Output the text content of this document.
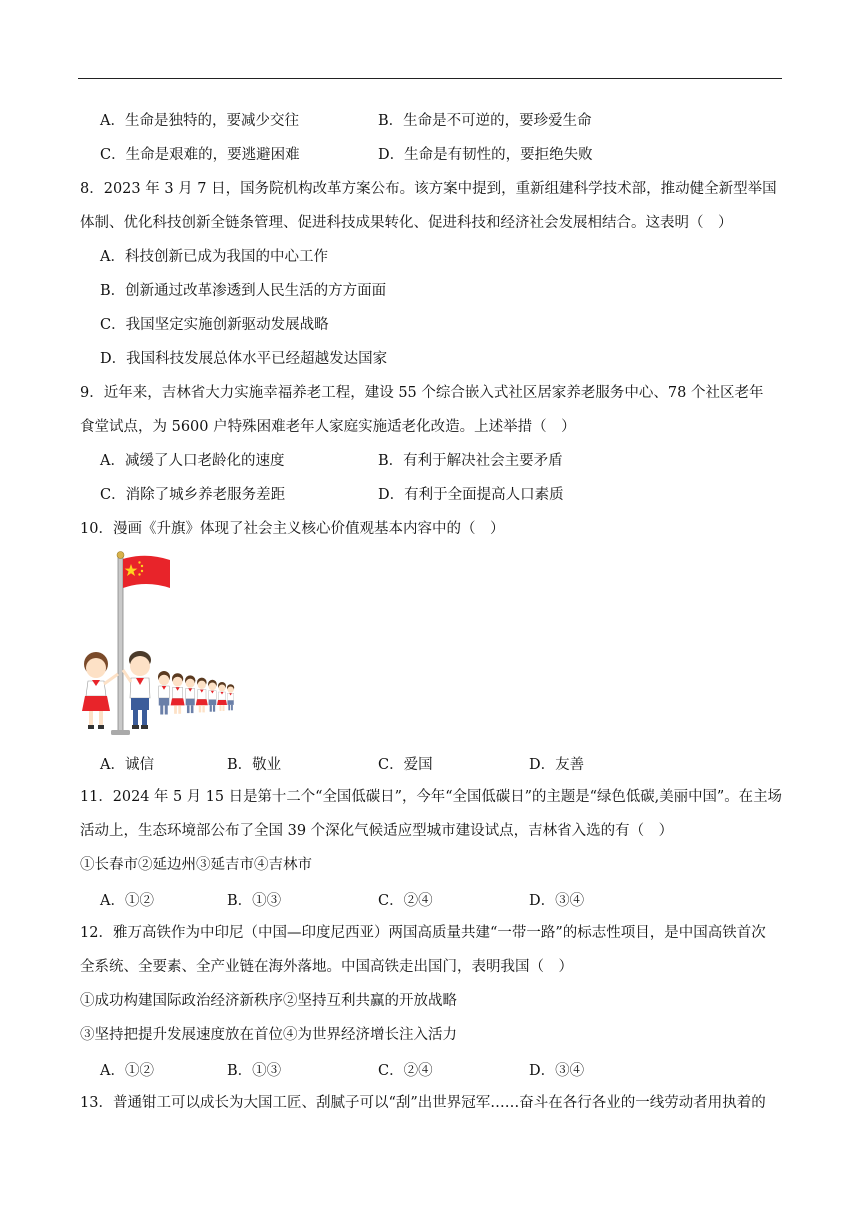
A．生命是独特的，要减少交往	B．生命是不可逆的，要珍爱生命
C．生命是艰难的，要逃避困难	D．生命是有韧性的，要拒绝失败
8．2023 年 3 月 7 日，国务院机构改革方案公布。该方案中提到，重新组建科学技术部，推动健全新型举国
体制、优化科技创新全链条管理、促进科技成果转化、促进科技和经济社会发展相结合。这表明（　）
A．科技创新已成为我国的中心工作
B．创新通过改革渗透到人民生活的方方面面
C．我国坚定实施创新驱动发展战略
D．我国科技发展总体水平已经超越发达国家
9．近年来，吉林省大力实施幸福养老工程，建设 55 个综合嵌入式社区居家养老服务中心、78 个社区老年
食堂试点，为 5600 户特殊困难老年人家庭实施适老化改造。上述举措（　）
A．减缓了人口老龄化的速度	B．有利于解决社会主要矛盾
C．消除了城乡养老服务差距	D．有利于全面提高人口素质
10．漫画《升旗》体现了社会主义核心价值观基本内容中的（　）
A．诚信	B．敬业	C．爱国	D．友善
11．2024 年 5 月 15 日是第十二个“全国低碳日”，今年“全国低碳日”的主题是“绿色低碳,美丽中国”。在主场
活动上，生态环境部公布了全国 39 个深化气候适应型城市建设试点，吉林省入选的有（　）
①长春市②延边州③延吉市④吉林市
A．①②	B．①③	C．②④	D．③④
12．雅万高铁作为中印尼（中国—印度尼西亚）两国高质量共建“一带一路”的标志性项目，是中国高铁首次
全系统、全要素、全产业链在海外落地。中国高铁走出国门，表明我国（　）
①成功构建国际政治经济新秩序②坚持互利共赢的开放战略
③坚持把提升发展速度放在首位④为世界经济增长注入活力
A．①②	B．①③	C．②④	D．③④
13．普通钳工可以成长为大国工匠、刮腻子可以“刮”出世界冠军……奋斗在各行各业的一线劳动者用执着的
